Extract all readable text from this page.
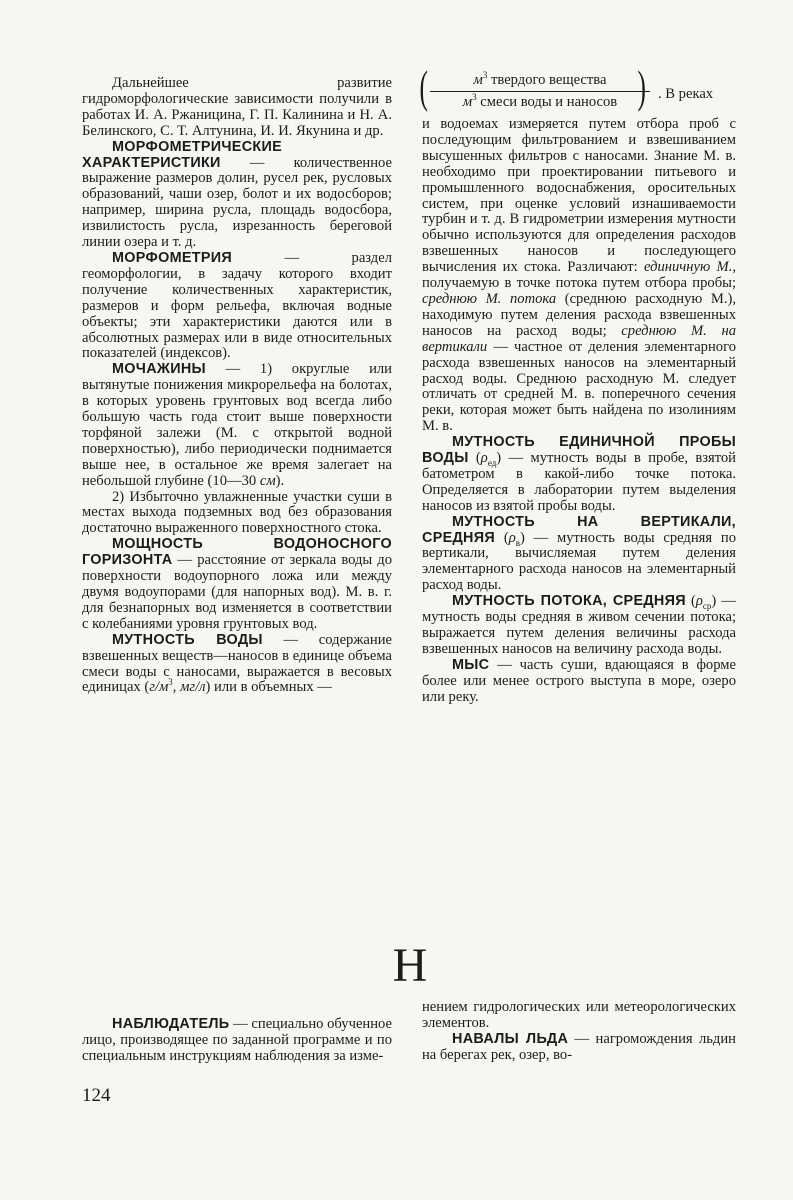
(	$м^3$ твердого вещества
$м^3$ смеси воды и наносов ) . В реках

Дальнейшее развитие гидроморфологические зависимости получили в работах И. А. Ржаницина, Г. П. Калинина и Н. А. Белинского, С. Т. Алтунина, И. И. Якунина и др.

МОРФОМЕТРИЧЕСКИЕ ХАРАКТЕРИСТИКИ — количественное выражение размеров долин, русел рек, русловых образований, чаши озер, болот и их водосборов; например, ширина русла, площадь водосбора, извилистость русла, изрезанность береговой линии озера и т. д.

МОРФОМЕТРИЯ — раздел геоморфологии, в задачу которого входит получение количественных характеристик, размеров и форм рельефа, включая водные объекты; эти характеристики даются или в абсолютных размерах или в виде относительных показателей (индексов).

МОЧАЖИНЫ — 1) округлые или вытянутые понижения микрорельефа на болотах, в которых уровень грунтовых вод всегда либо большую часть года стоит выше поверхности торфяной залежи (М. с открытой водной поверхностью), либо периодически поднимается выше нее, в остальное же время залегает на небольшой глубине (10—30 см).

2) Избыточно увлажненные участки суши в местах выхода подземных вод без образования достаточно выраженного поверхностного стока.

МОЩНОСТЬ ВОДОНОСНОГО ГОРИЗОНТА — расстояние от зеркала воды до поверхности водоупорного ложа или между двумя водоупорами (для напорных вод). М. в. г. для безнапорных вод изменяется в соответствии с колебаниями уровня грунтовых вод.

МУТНОСТЬ ВОДЫ — содержание взвешенных веществ—наносов в единице объема смеси воды с наносами, выражается в весовых единицах ($г/м^3$, мг/л) или в объемных —

и водоемах измеряется путем отбора проб с последующим фильтрованием и взвешиванием высушенных фильтров с наносами. Знание М. в. необходимо при проектировании питьевого и промышленного водоснабжения, оросительных систем, при оценке условий изнашиваемости турбин и т. д. В гидрометрии измерения мутности обычно используются для определения расходов взвешенных наносов и последующего вычисления их стока. Различают: единичную М., получаемую в точке потока путем отбора пробы; среднюю М. потока (среднюю расходную М.), находимую путем деления расхода взвешенных наносов на расход воды; среднюю М. на вертикали — частное от деления элементарного расхода взвешенных наносов на элементарный расход воды. Среднюю расходную М. следует отличать от средней М. в. поперечного сечения реки, которая может быть найдена по изолиниям М. в.

МУТНОСТЬ ЕДИНИЧНОЙ ПРОБЫ ВОДЫ $(\rho_{ед})$ — мутность воды в пробе, взятой батометром в какой-либо точке потока. Определяется в лаборатории путем выделения наносов из взятой пробы воды.

МУТНОСТЬ НА ВЕРТИКАЛИ, СРЕДНЯЯ $(\rho_в)$ — мутность воды средняя по вертикали, вычисляемая путем деления элементарного расхода наносов на элементарный расход воды.

МУТНОСТЬ ПОТОКА, СРЕДНЯЯ $(\rho_{ср})$ — мутность воды средняя в живом сечении потока; выражается путем деления величины расхода взвешенных наносов на величину расхода воды.

МЫС — часть суши, вдающаяся в форме более или менее острого выступа в море, озеро или реку.

Н

НАБЛЮДАТЕЛЬ — специально обученное лицо, производящее по заданной программе и по специальным инструкциям наблюдения за изме-

нением гидрологических или метеорологических элементов.

НАВАЛЫ ЛЬДА — нагромождения льдин на берегах рек, озер, во-

124
